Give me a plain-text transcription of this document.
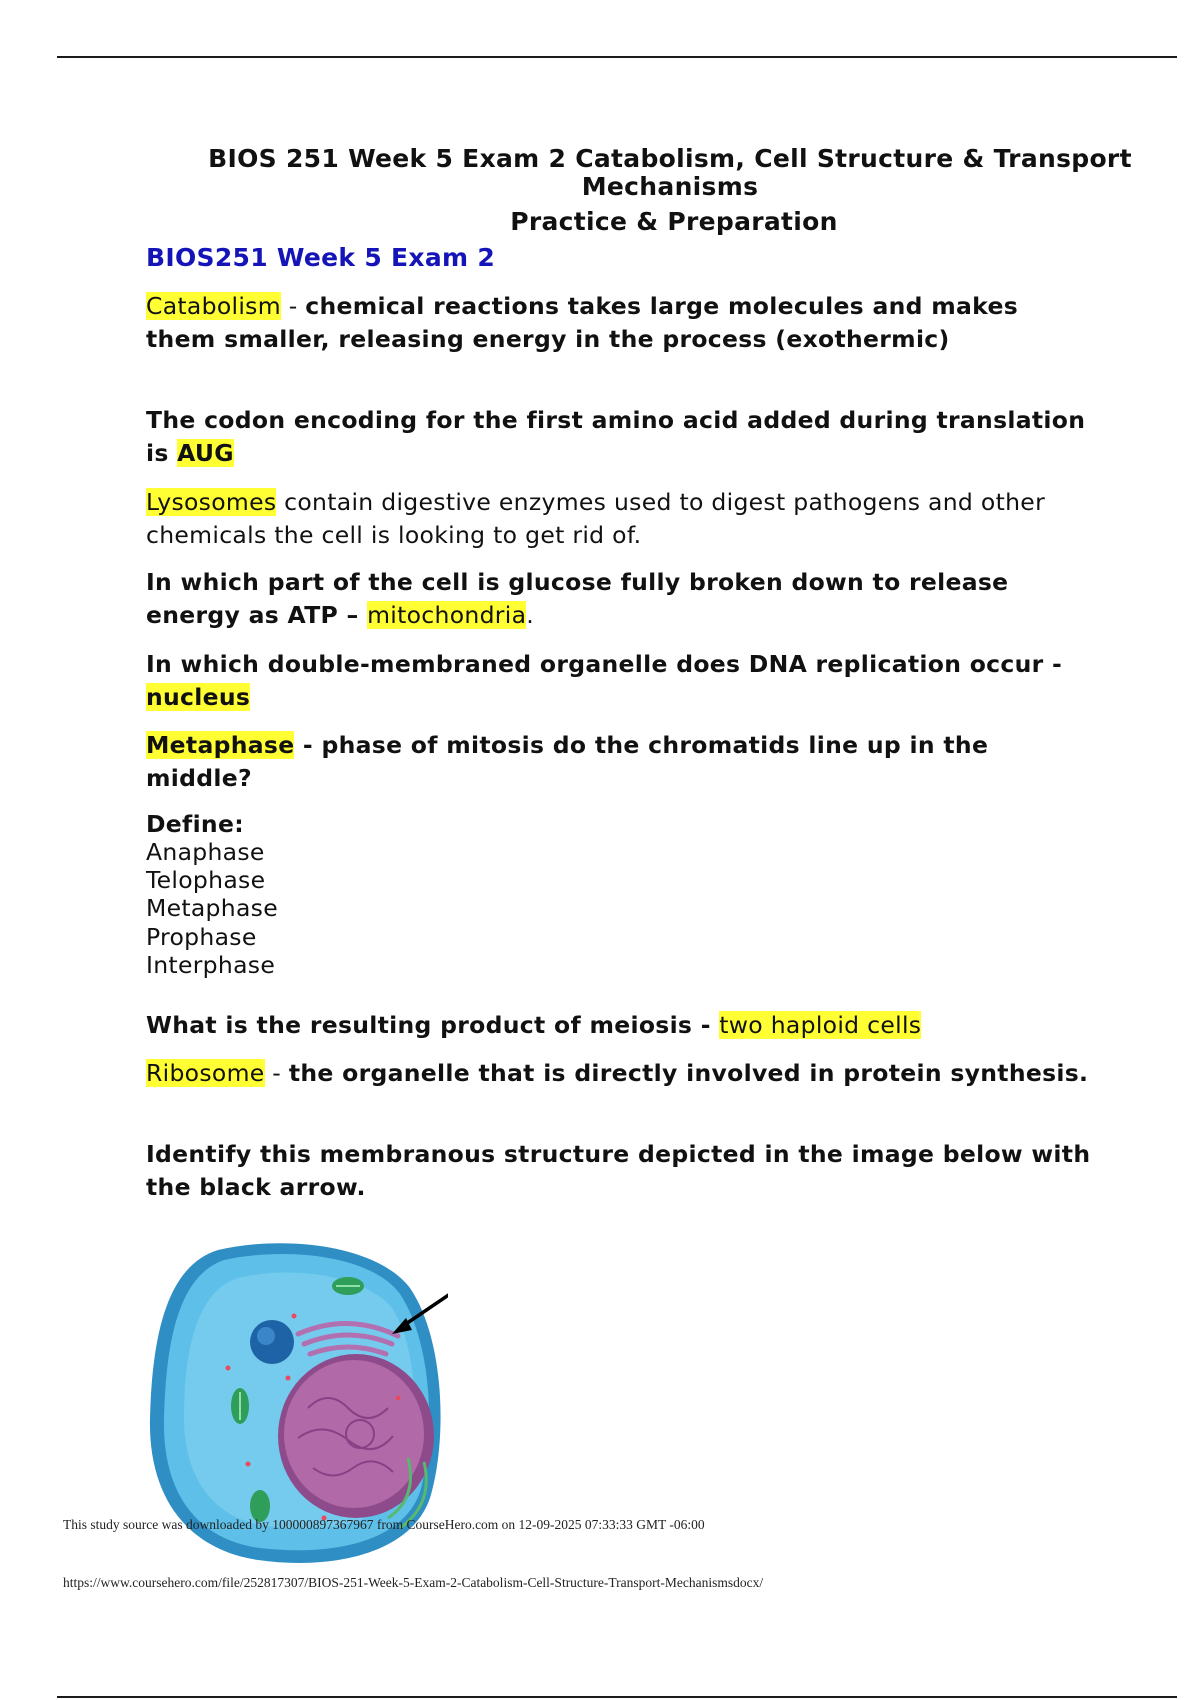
BIOS 251 Week 5 Exam 2 Catabolism, Cell Structure & Transport Mechanisms
Practice & Preparation
BIOS251 Week 5 Exam 2
Catabolism - chemical reactions takes large molecules and makes them smaller, releasing energy in the process (exothermic)
The codon encoding for the first amino acid added during translation is AUG
Lysosomes contain digestive enzymes used to digest pathogens and other chemicals the cell is looking to get rid of.
In which part of the cell is glucose fully broken down to release energy as ATP – mitochondria.
In which double-membraned organelle does DNA replication occur - nucleus
Metaphase - phase of mitosis do the chromatids line up in the middle?
Define:
Anaphase
Telophase
Metaphase
Prophase
Interphase
What is the resulting product of meiosis - two haploid cells
Ribosome - the organelle that is directly involved in protein synthesis.
Identify this membranous structure depicted in the image below with the black arrow.
This study source was downloaded by 100000897367967 from CourseHero.com on 12-09-2025 07:33:33 GMT -06:00
https://www.coursehero.com/file/252817307/BIOS-251-Week-5-Exam-2-Catabolism-Cell-Structure-Transport-Mechanismsdocx/
